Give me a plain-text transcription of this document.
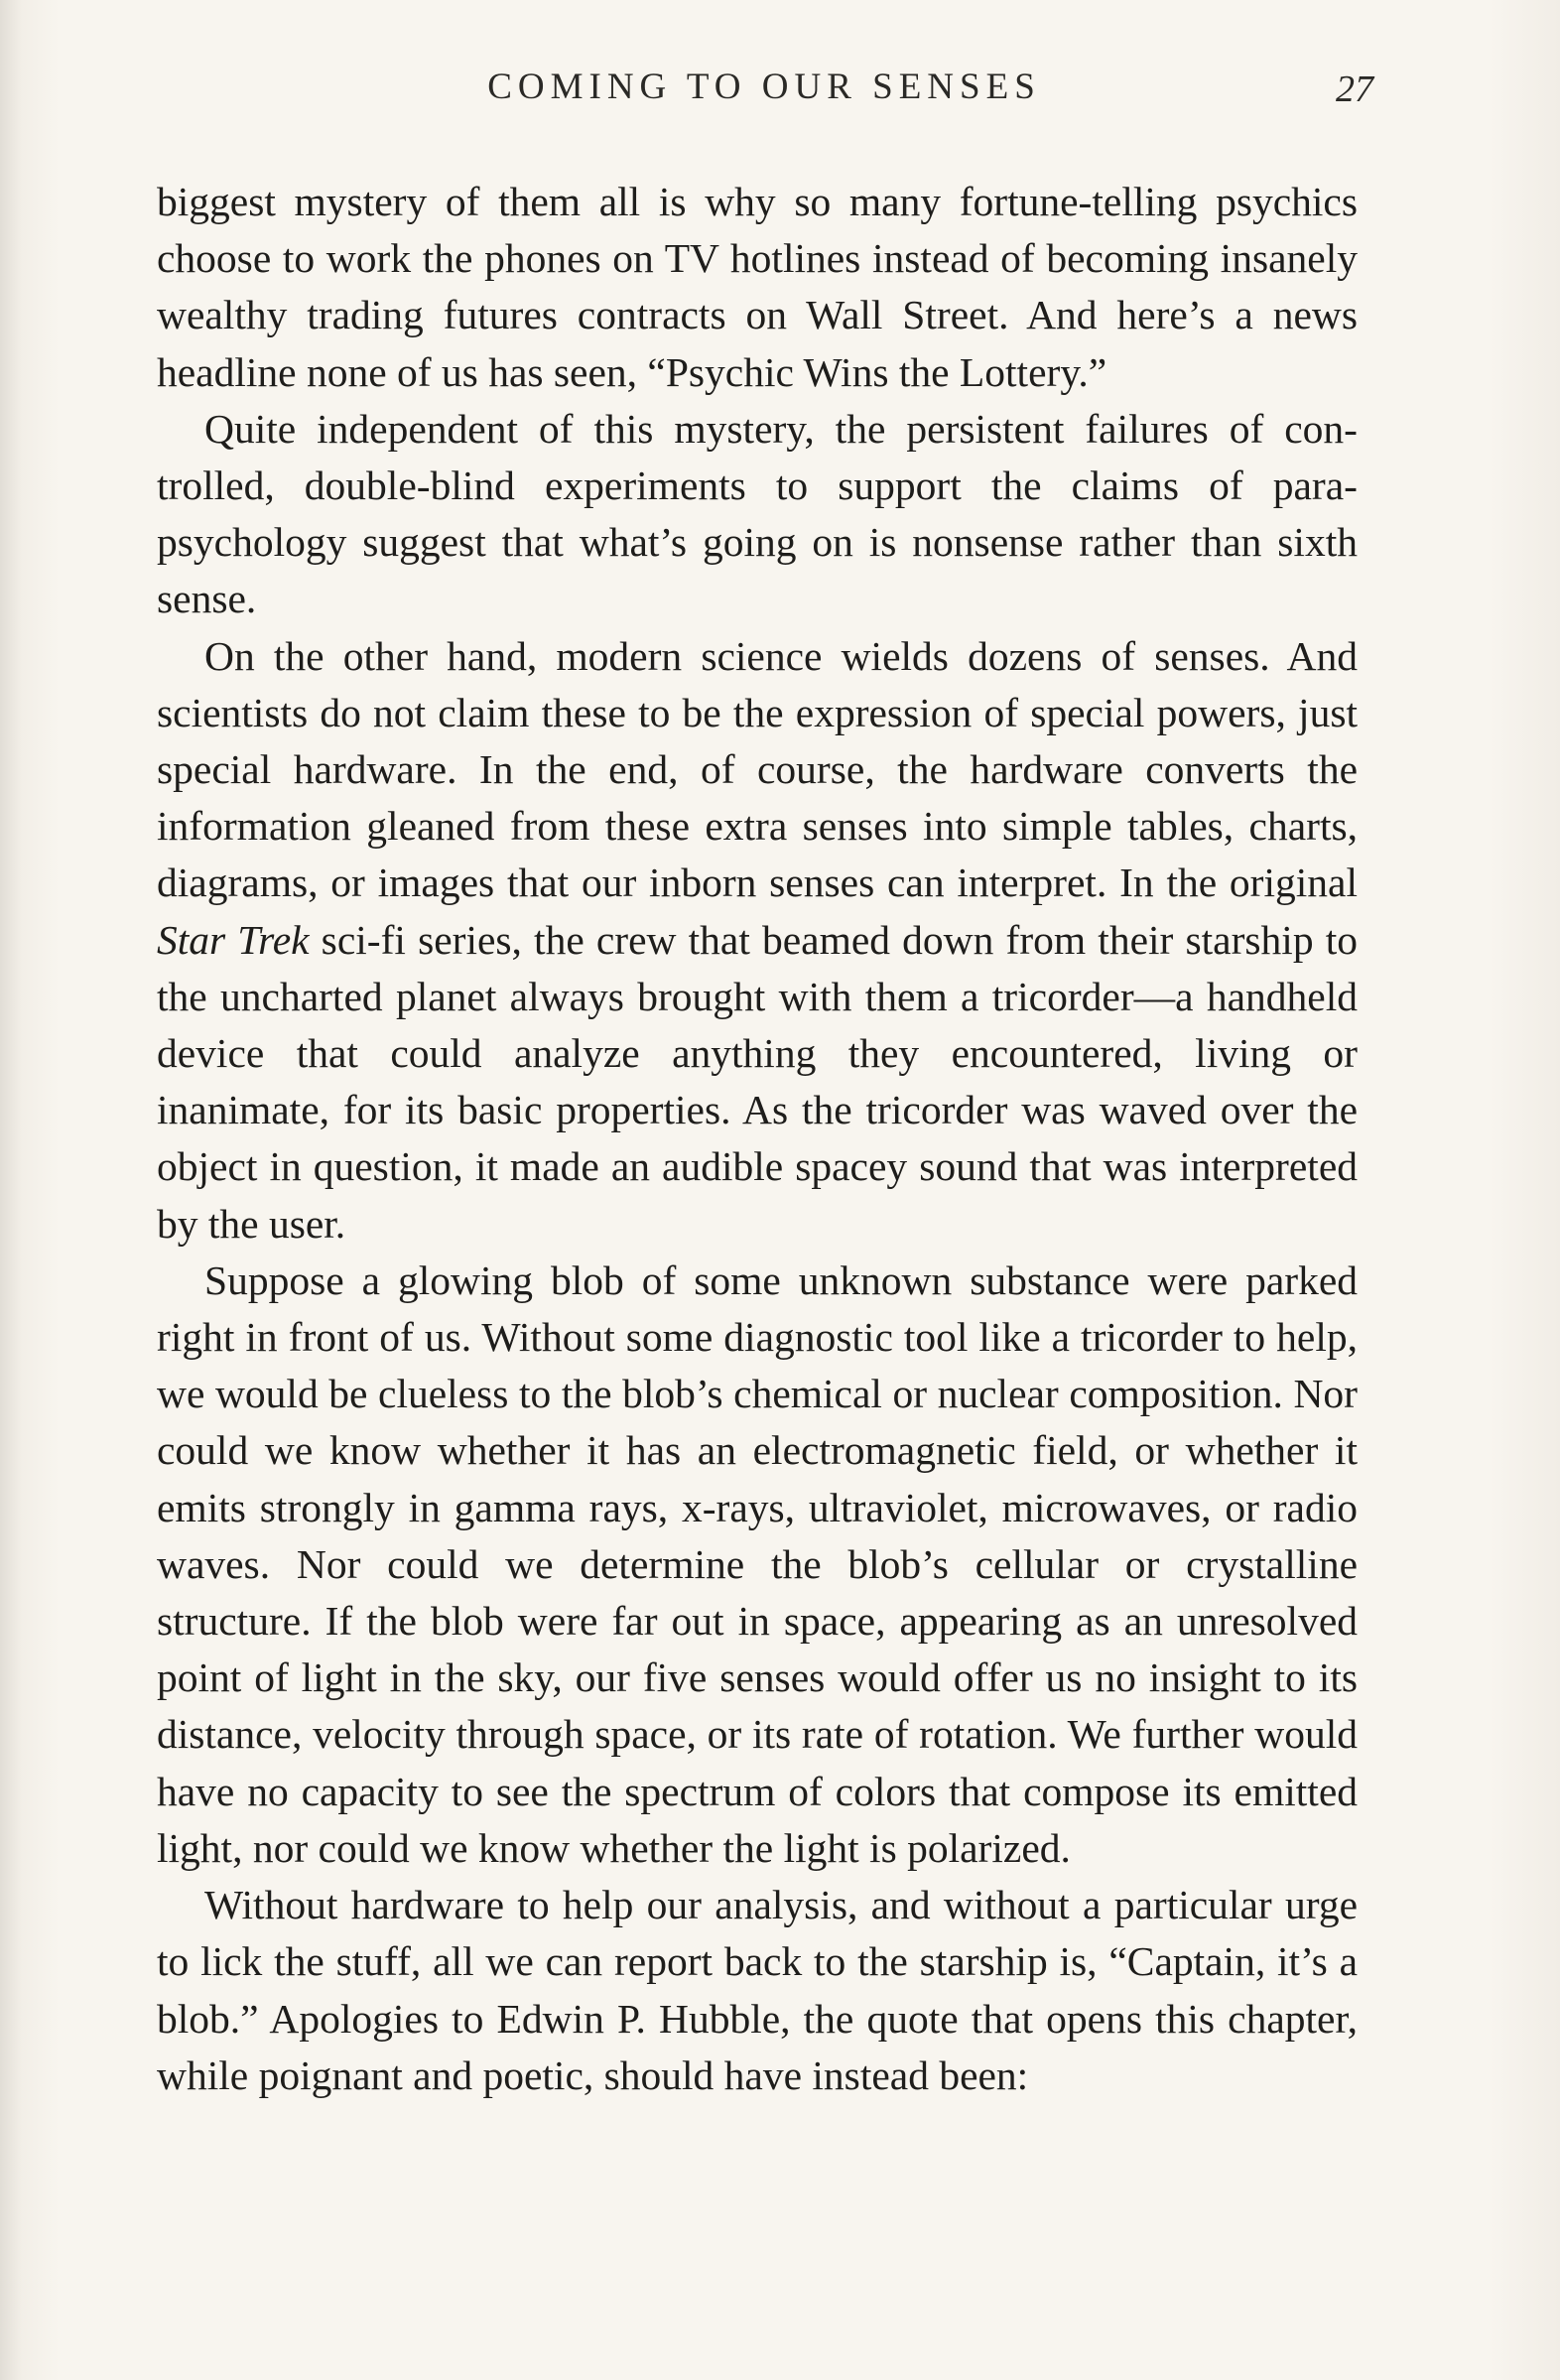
COMING TO OUR SENSES	27

biggest mystery of them all is why so many fortune-telling psychics choose to work the phones on TV hotlines instead of becoming insanely wealthy trading futures contracts on Wall Street. And here’s a news headline none of us has seen, “Psychic Wins the Lottery.”

Quite independent of this mystery, the persistent failures of controlled, double-blind experiments to support the claims of parapsychology suggest that what’s going on is nonsense rather than sixth sense.

On the other hand, modern science wields dozens of senses. And scientists do not claim these to be the expression of special powers, just special hardware. In the end, of course, the hardware converts the information gleaned from these extra senses into simple tables, charts, diagrams, or images that our inborn senses can interpret. In the original Star Trek sci-fi series, the crew that beamed down from their starship to the uncharted planet always brought with them a tricorder—a handheld device that could analyze anything they encountered, living or inanimate, for its basic properties. As the tricorder was waved over the object in question, it made an audible spacey sound that was interpreted by the user.

Suppose a glowing blob of some unknown substance were parked right in front of us. Without some diagnostic tool like a tricorder to help, we would be clueless to the blob’s chemical or nuclear composition. Nor could we know whether it has an electromagnetic field, or whether it emits strongly in gamma rays, x-rays, ultraviolet, microwaves, or radio waves. Nor could we determine the blob’s cellular or crystalline structure. If the blob were far out in space, appearing as an unresolved point of light in the sky, our five senses would offer us no insight to its distance, velocity through space, or its rate of rotation. We further would have no capacity to see the spectrum of colors that compose its emitted light, nor could we know whether the light is polarized.

Without hardware to help our analysis, and without a particular urge to lick the stuff, all we can report back to the starship is, “Captain, it’s a blob.” Apologies to Edwin P. Hubble, the quote that opens this chapter, while poignant and poetic, should have instead been:
